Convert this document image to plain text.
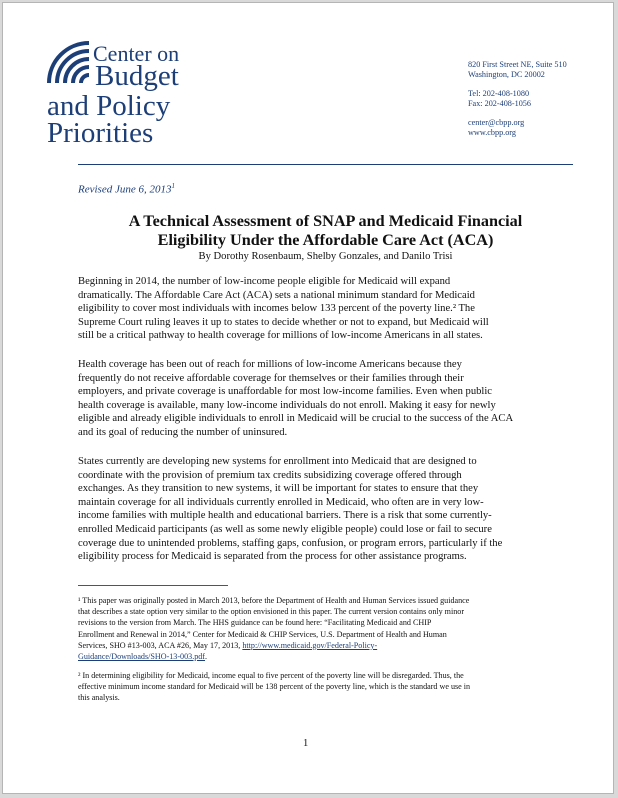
Center on
Budget
and Policy
Priorities
820 First Street NE, Suite 510
Washington, DC 20002
Tel: 202-408-1080
Fax: 202-408-1056
center@cbpp.org
www.cbpp.org
Revised June 6, 2013$^1$
A Technical Assessment of SNAP and Medicaid Financial
Eligibility Under the Affordable Care Act (ACA)
By Dorothy Rosenbaum, Shelby Gonzales, and Danilo Trisi
Beginning in 2014, the number of low-income people eligible for Medicaid will expand
dramatically. The Affordable Care Act (ACA) sets a national minimum standard for Medicaid
eligibility to cover most individuals with incomes below 133 percent of the poverty line.² The
Supreme Court ruling leaves it up to states to decide whether or not to expand, but Medicaid will
still be a critical pathway to health coverage for millions of low-income Americans in all states.
Health coverage has been out of reach for millions of low-income Americans because they
frequently do not receive affordable coverage for themselves or their families through their
employers, and private coverage is unaffordable for most low-income families. Even when public
health coverage is available, many low-income individuals do not enroll. Making it easy for newly
eligible and already eligible individuals to enroll in Medicaid will be crucial to the success of the ACA
and its goal of reducing the number of uninsured.
States currently are developing new systems for enrollment into Medicaid that are designed to
coordinate with the provision of premium tax credits subsidizing coverage offered through
exchanges. As they transition to new systems, it will be important for states to ensure that they
maintain coverage for all individuals currently enrolled in Medicaid, who often are in very low-
income families with multiple health and educational barriers. There is a risk that some currently-
enrolled Medicaid participants (as well as some newly eligible people) could lose or fail to secure
coverage due to unintended problems, staffing gaps, confusion, or program errors, particularly if the
eligibility process for Medicaid is separated from the process for other assistance programs.
¹ This paper was originally posted in March 2013, before the Department of Health and Human Services issued guidance
that describes a state option very similar to the option envisioned in this paper. The current version contains only minor
revisions to the version from March. The HHS guidance can be found here: “Facilitating Medicaid and CHIP
Enrollment and Renewal in 2014,” Center for Medicaid & CHIP Services, U.S. Department of Health and Human
Services, SHO #13-003, ACA #26, May 17, 2013, http://www.medicaid.gov/Federal-Policy-
Guidance/Downloads/SHO-13-003.pdf.
² In determining eligibility for Medicaid, income equal to five percent of the poverty line will be disregarded. Thus, the
effective minimum income standard for Medicaid will be 138 percent of the poverty line, which is the standard we use in
this analysis.
1
